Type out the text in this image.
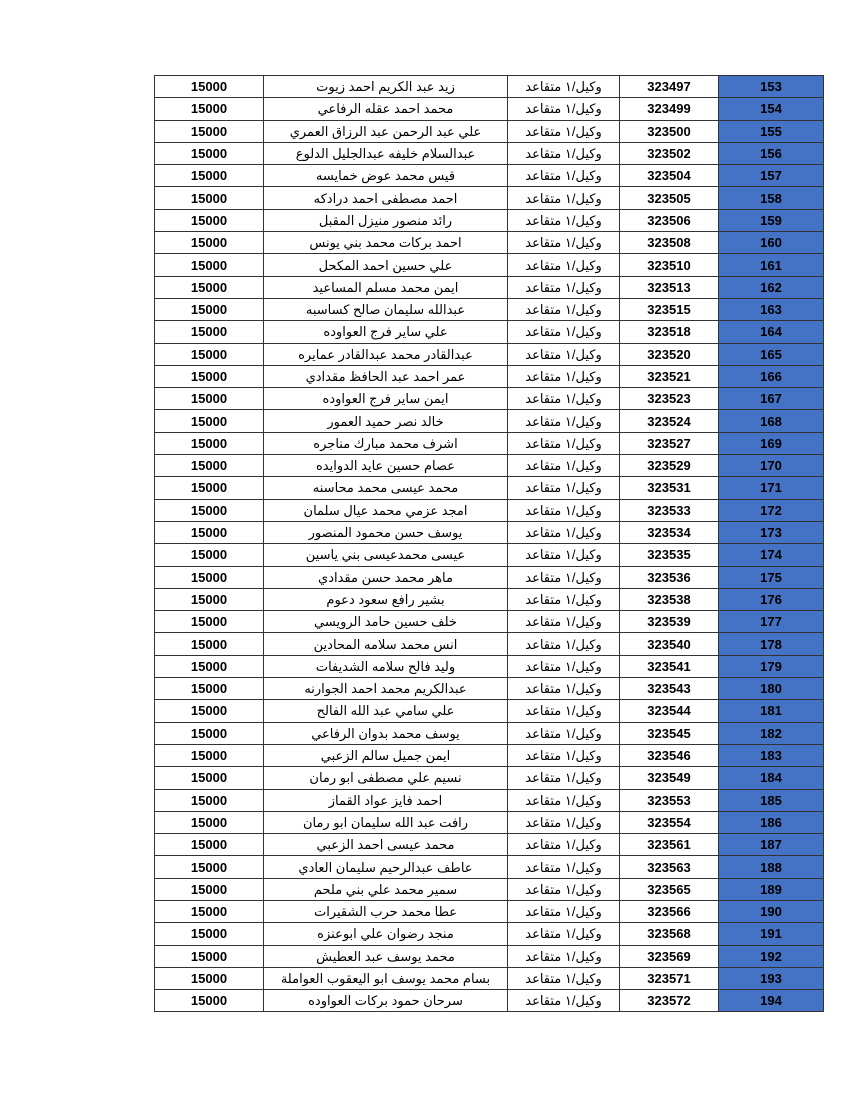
15000	زيد عبد الكريم احمد زيوت	وكيل/١ متقاعد	323497	153
15000	محمد احمد عقله الرفاعي	وكيل/١ متقاعد	323499	154
15000	علي عبد الرحمن عبد الرزاق العمري	وكيل/١ متقاعد	323500	155
15000	عبدالسلام خليفه عبدالجليل الدلوع	وكيل/١ متقاعد	323502	156
15000	قيس محمد عوض خمايسه	وكيل/١ متقاعد	323504	157
15000	احمد مصطفى احمد درادكه	وكيل/١ متقاعد	323505	158
15000	رائد منصور منيزل المقبل	وكيل/١ متقاعد	323506	159
15000	احمد بركات محمد بني يونس	وكيل/١ متقاعد	323508	160
15000	علي حسين احمد المكحل	وكيل/١ متقاعد	323510	161
15000	ايمن محمد مسلم المساعيد	وكيل/١ متقاعد	323513	162
15000	عبدالله سليمان صالح كساسبه	وكيل/١ متقاعد	323515	163
15000	علي ساير فرج العواوده	وكيل/١ متقاعد	323518	164
15000	عبدالقادر محمد عبدالقادر عمايره	وكيل/١ متقاعد	323520	165
15000	عمر احمد عبد الحافظ مقدادي	وكيل/١ متقاعد	323521	166
15000	ايمن ساير فرج العواوده	وكيل/١ متقاعد	323523	167
15000	خالد نصر حميد العمور	وكيل/١ متقاعد	323524	168
15000	اشرف محمد مبارك مناجره	وكيل/١ متقاعد	323527	169
15000	عصام حسين عايد الدوايده	وكيل/١ متقاعد	323529	170
15000	محمد عيسى محمد محاسنه	وكيل/١ متقاعد	323531	171
15000	امجد عزمي محمد عيال سلمان	وكيل/١ متقاعد	323533	172
15000	يوسف حسن محمود المنصور	وكيل/١ متقاعد	323534	173
15000	عيسى محمدعيسى بني ياسين	وكيل/١ متقاعد	323535	174
15000	ماهر محمد حسن مقدادي	وكيل/١ متقاعد	323536	175
15000	بشير رافع سعود دعوم	وكيل/١ متقاعد	323538	176
15000	خلف حسين حامد الرويسي	وكيل/١ متقاعد	323539	177
15000	انس محمد سلامه المحادين	وكيل/١ متقاعد	323540	178
15000	وليد فالح سلامه الشديفات	وكيل/١ متقاعد	323541	179
15000	عبدالكريم محمد احمد الجوارنه	وكيل/١ متقاعد	323543	180
15000	علي سامي عبد الله الفالح	وكيل/١ متقاعد	323544	181
15000	يوسف محمد بدوان الرفاعي	وكيل/١ متقاعد	323545	182
15000	ايمن جميل سالم الزعبي	وكيل/١ متقاعد	323546	183
15000	نسيم علي مصطفى ابو رمان	وكيل/١ متقاعد	323549	184
15000	احمد فايز عواد القماز	وكيل/١ متقاعد	323553	185
15000	رافت عبد الله سليمان ابو رمان	وكيل/١ متقاعد	323554	186
15000	محمد عيسى احمد الزعبي	وكيل/١ متقاعد	323561	187
15000	عاطف عبدالرحيم سليمان العادي	وكيل/١ متقاعد	323563	188
15000	سمير محمد علي بني ملحم	وكيل/١ متقاعد	323565	189
15000	عطا محمد حرب الشقيرات	وكيل/١ متقاعد	323566	190
15000	منجد رضوان علي ابوعنزه	وكيل/١ متقاعد	323568	191
15000	محمد يوسف عبد العطيش	وكيل/١ متقاعد	323569	192
15000	بسام محمد يوسف ابو اليعقوب العواملة	وكيل/١ متقاعد	323571	193
15000	سرحان حمود بركات العواوده	وكيل/١ متقاعد	323572	194
